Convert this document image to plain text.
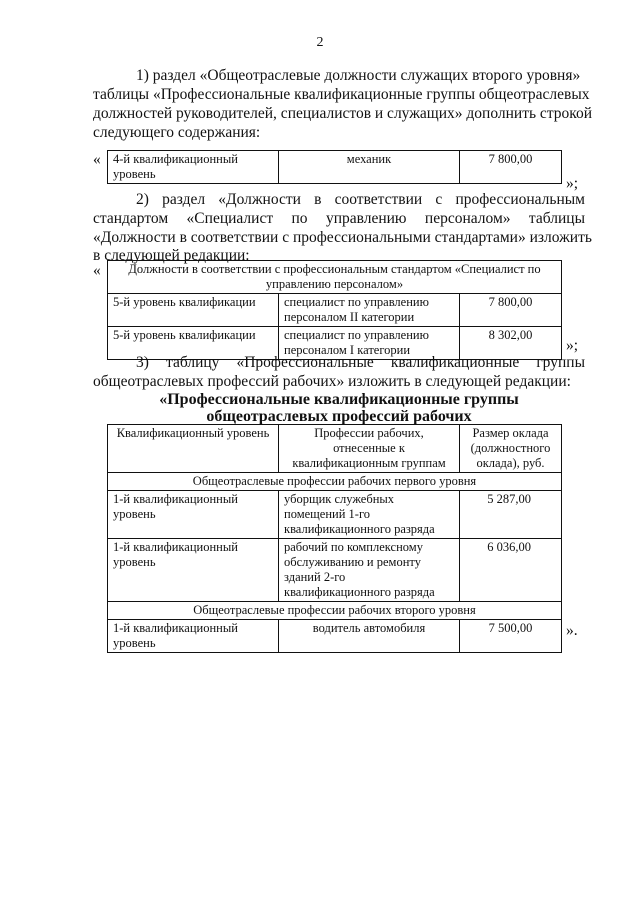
2
1) раздел «Общеотраслевые должности служащих второго уровня»
таблицы «Профессиональные квалификационные группы общеотраслевых
должностей руководителей, специалистов и служащих» дополнить строкой
следующего содержания:
« 4-й квалификационный уровень	механик	7 800,00
»;
2) раздел «Должности в соответствии с профессиональным
стандартом «Специалист по управлению персоналом» таблицы
«Должности в соответствии с профессиональными стандартами» изложить
в следующей редакции:
« Должности в соответствии с профессиональным стандартом «Специалист по управлению персоналом»		
5-й уровень квалификации	специалист по управлению персоналом II категории	7 800,00
5-й уровень квалификации	специалист по управлению персоналом I категории	8 302,00
»;
3) таблицу «Профессиональные квалификационные группы
общеотраслевых профессий рабочих» изложить в следующей редакции:
«Профессиональные квалификационные группы
общеотраслевых профессий рабочих
Квалификационный уровень	Профессии рабочих, отнесенные к квалификационным группам	Размер оклада (должностного оклада), руб.
Общеотраслевые профессии рабочих первого уровня		
1-й квалификационный уровень	уборщик служебных помещений 1-го квалификационного разряда	5 287,00
1-й квалификационный уровень	рабочий по комплексному обслуживанию и ремонту зданий 2-го квалификационного разряда	6 036,00
Общеотраслевые профессии рабочих второго уровня		
1-й квалификационный уровень	водитель автомобиля	7 500,00 ».
